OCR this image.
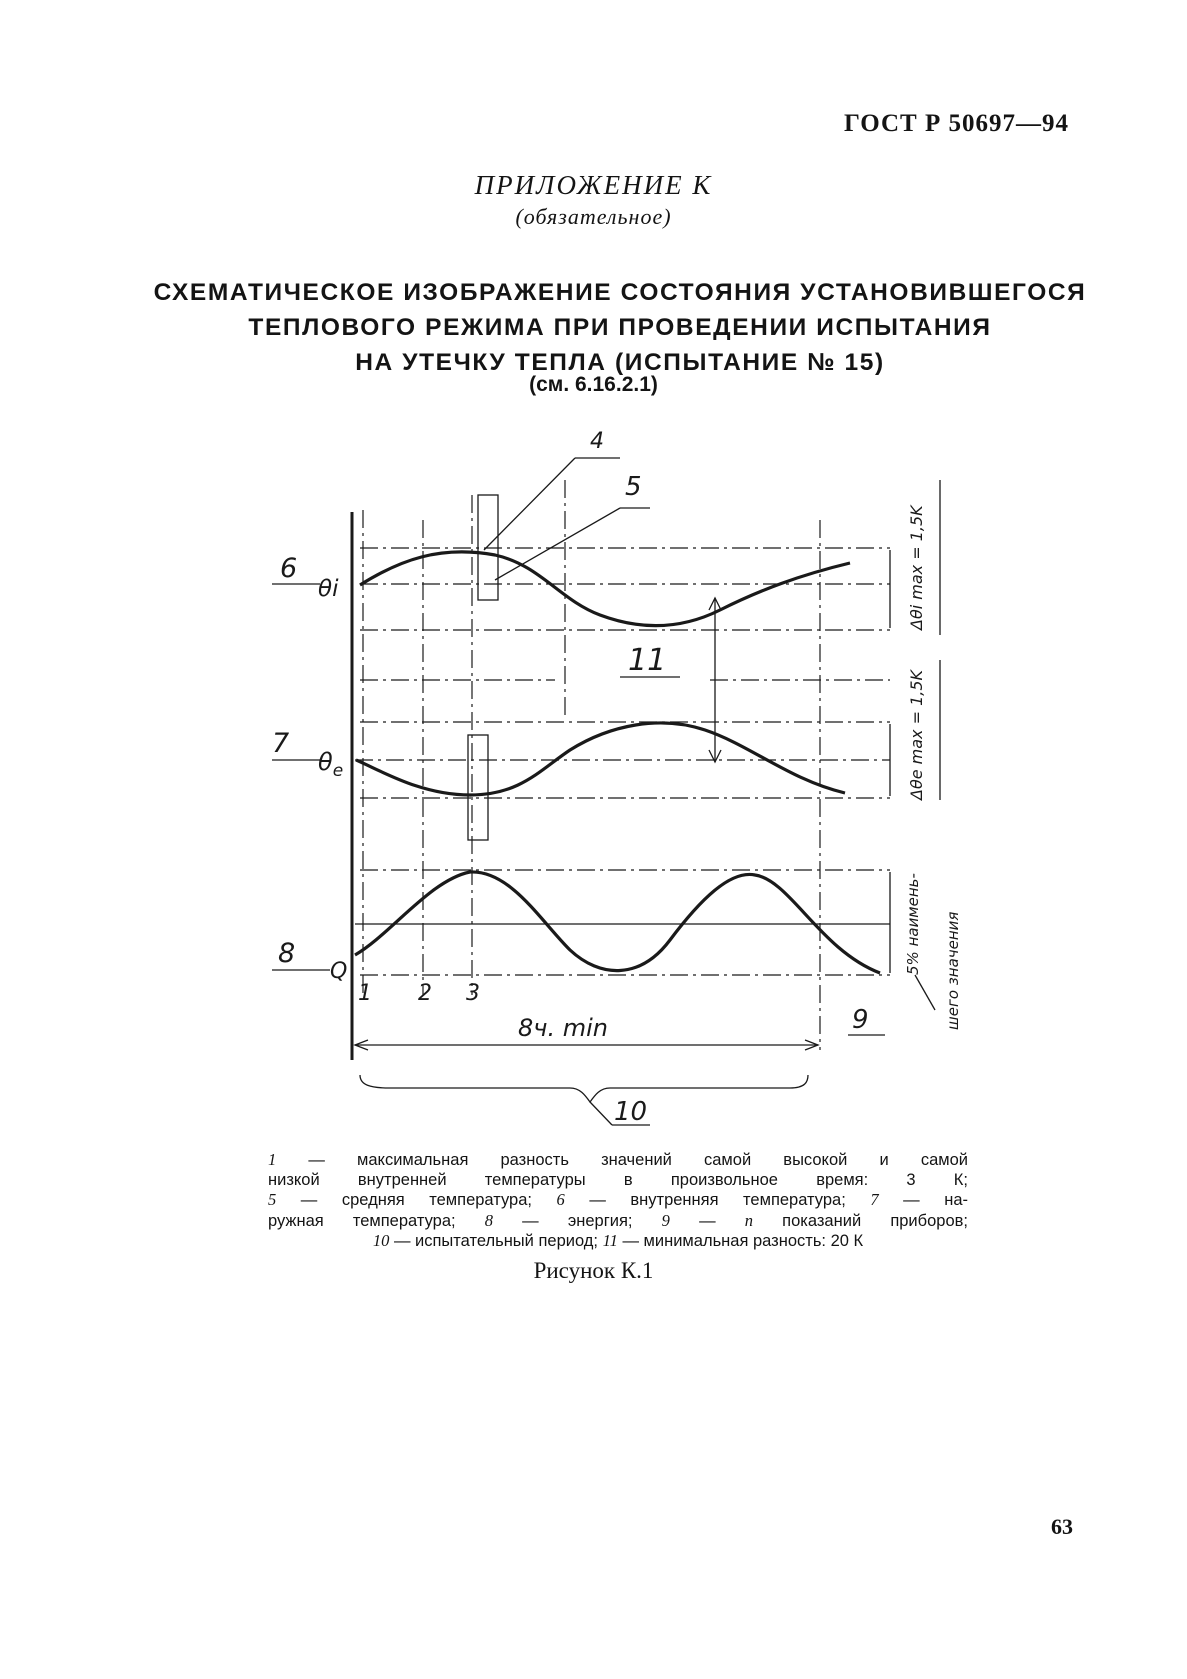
ГОСТ Р 50697—94
ПРИЛОЖЕНИЕ К
(обязательное)
СХЕМАТИЧЕСКОЕ ИЗОБРАЖЕНИЕ СОСТОЯНИЯ УСТАНОВИВШЕГОСЯ
ТЕПЛОВОГО РЕЖИМА ПРИ ПРОВЕДЕНИИ ИСПЫТАНИЯ
НА УТЕЧКУ ТЕПЛА (ИСПЫТАНИЕ № 15)
(см. 6.16.2.1)
4
5
6
θi
11
7
$\theta_e$
8
Q
1 2 3
8ч. min	9
10
Δθi max = 1,5K
Δθe max = 1,5K
5% наимень- шего значения
1 — максимальная разность значений самой высокой и самой
низкой внутренней температуры в произвольное время: 3 К;
5 — средняя температура; 6 — внутренняя температура; 7 — на-
ружная температура; 8 — энергия; 9 — n показаний приборов;
10 — испытательный период; 11 — минимальная разность: 20 К
Рисунок К.1
63
